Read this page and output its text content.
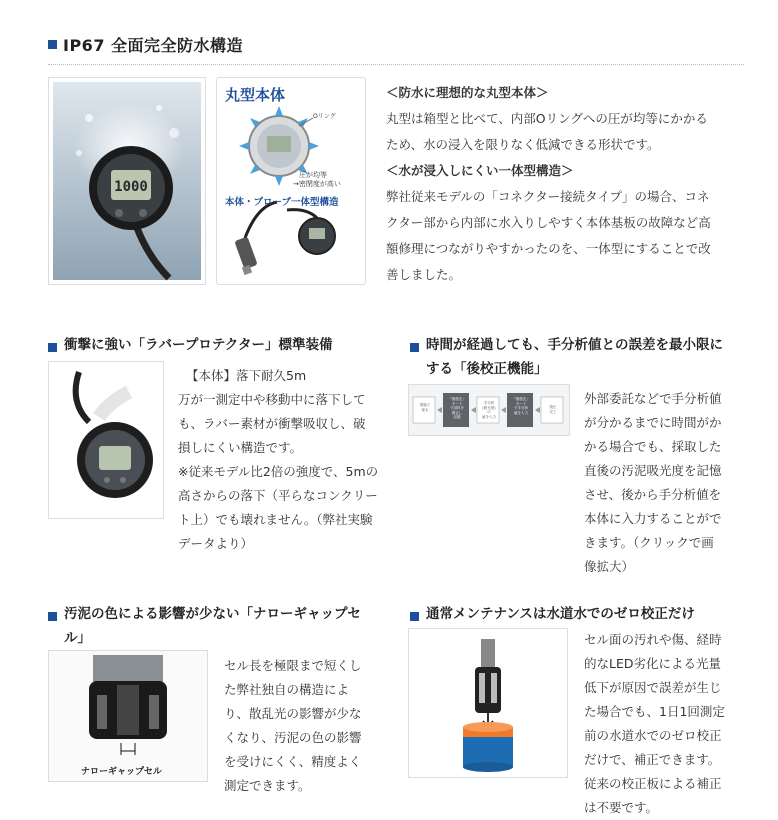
IP67 全面完全防水構造
1000
丸型本体
Oリング
圧が均等
→密閉度が高い
本体・プローブ一体型構造

＜防水に理想的な丸型本体＞

丸型は箱型と比べて、内部Oリングへの圧が均等にかかる

ため、水の浸入を限りなく低減できる形状です。

＜水が浸入しにくい一体型構造＞

弊社従来モデルの「コネクター接続タイプ」の場合、コネ

クター部から内部に水入りしやすく本体基板の故障など高

額修理につながりやすかったのを、一体型にすることで改

善しました。

衝撃に強い「ラバープロテクター」標準装備
【本体】落下耐久5m
万が一測定中や移動中に落下して
も、ラバー素材が衝撃吸収し、破
損しにくい構造です。
※従来モデル比2倍の強度で、5mの
高さからの落下（平らなコンクリー
ト上）でも壊れません。（弊社実験
データより）
時間が経過しても、手分析値との誤差を最小限に
する「後校正機能」
現場で
採水
「後校正」
モード
で試料を
測定し
記録
手分析
(吸光度)
の
値を入力
「後校正」
モード
で手分析
値を入力
校正
完了
外部委託などで手分析値
が分かるまでに時間がか
かる場合でも、採取した
直後の汚泥吸光度を記憶
させ、後から手分析値を
本体に入力することがで
きます。（クリックで画
像拡大）
汚泥の色による影響が少ない「ナローギャップセ
ル」
ナローギャップセル
セル長を極限まで短くし
た弊社独自の構造によ
り、散乱光の影響が少な
くなり、汚泥の色の影響
を受けにくく、精度よく
測定できます。
通常メンテナンスは水道水でのゼロ校正だけ
セル面の汚れや傷、経時
的なLED劣化による光量
低下が原因で誤差が生じ
た場合でも、1日1回測定
前の水道水でのゼロ校正
だけで、補正できます。
従来の校正板による補正
は不要です。
